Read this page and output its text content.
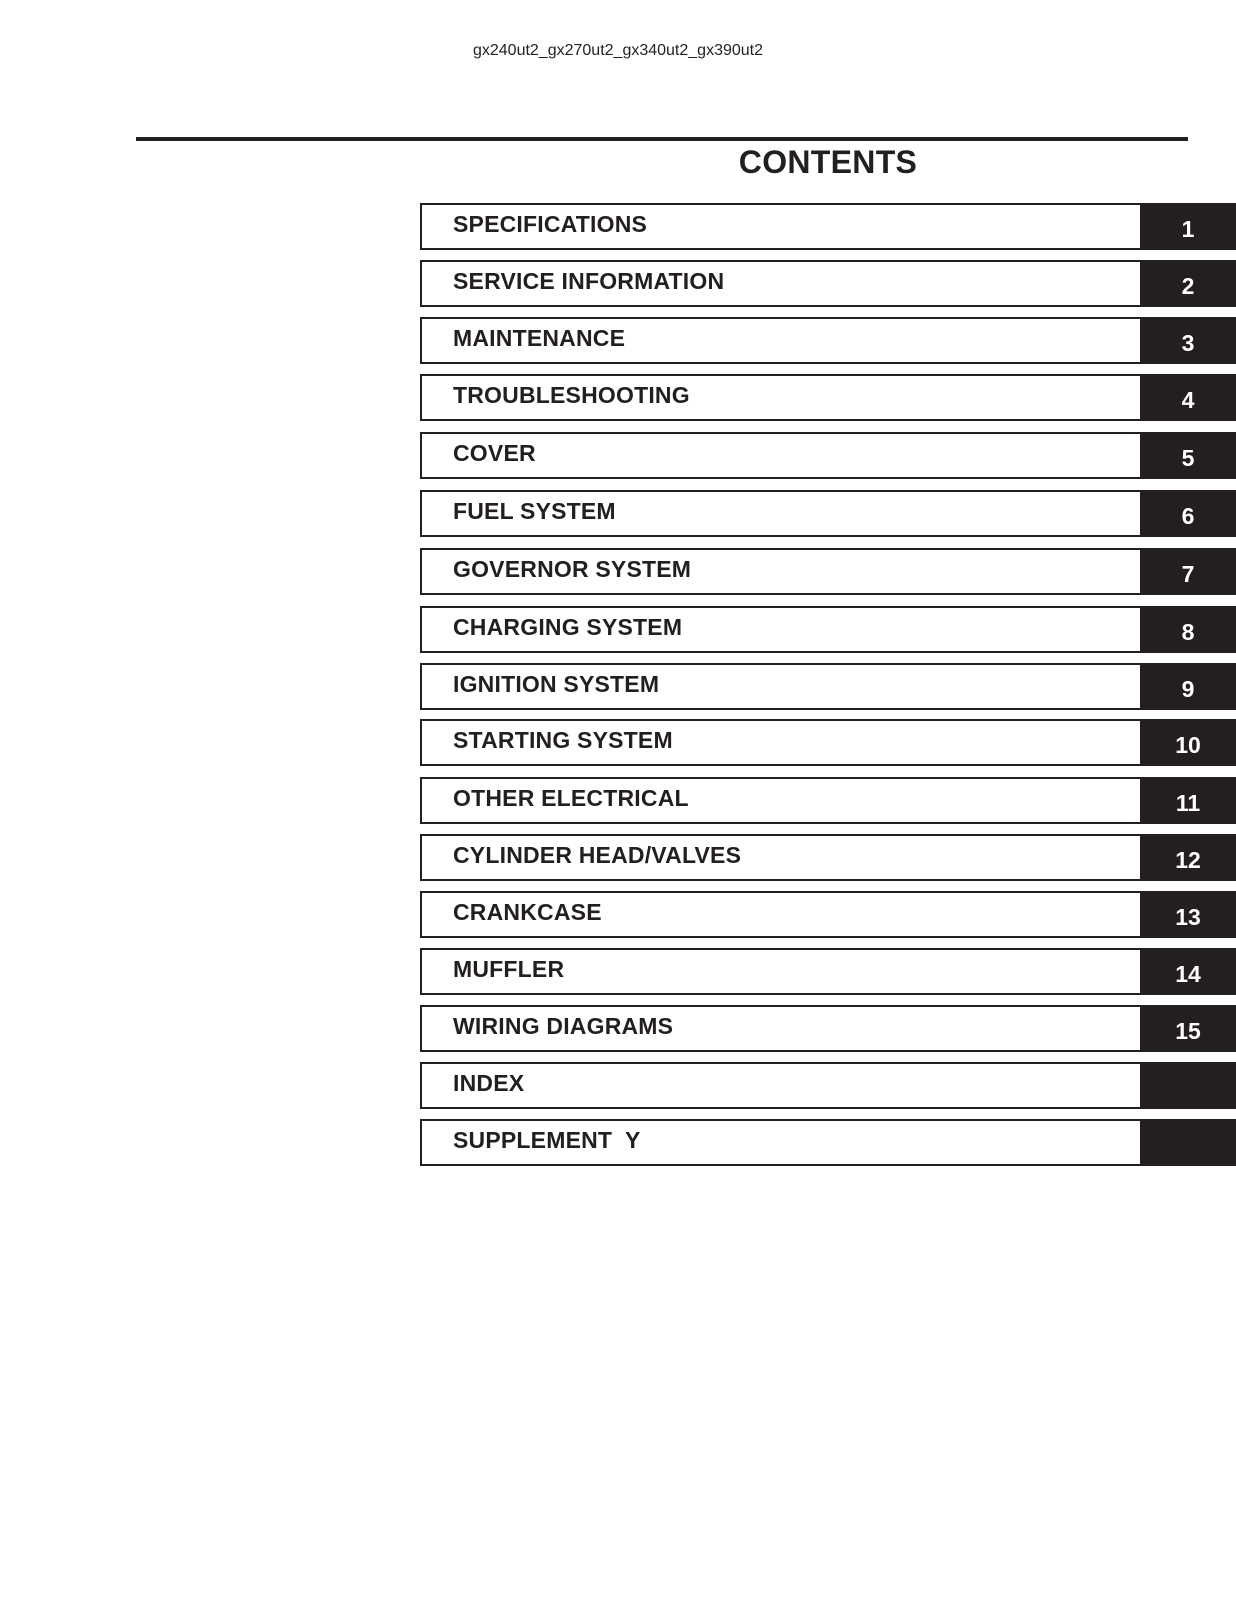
gx240ut2_gx270ut2_gx340ut2_gx390ut2
CONTENTS
SPECIFICATIONS	1
SERVICE INFORMATION	2
MAINTENANCE	3
TROUBLESHOOTING	4
COVER	5
FUEL SYSTEM	6
GOVERNOR SYSTEM	7
CHARGING SYSTEM	8
IGNITION SYSTEM	9
STARTING SYSTEM	10
OTHER ELECTRICAL	11
CYLINDER HEAD/VALVES	12
CRANKCASE	13
MUFFLER	14
WIRING DIAGRAMS	15
INDEX
SUPPLEMENT  Y
